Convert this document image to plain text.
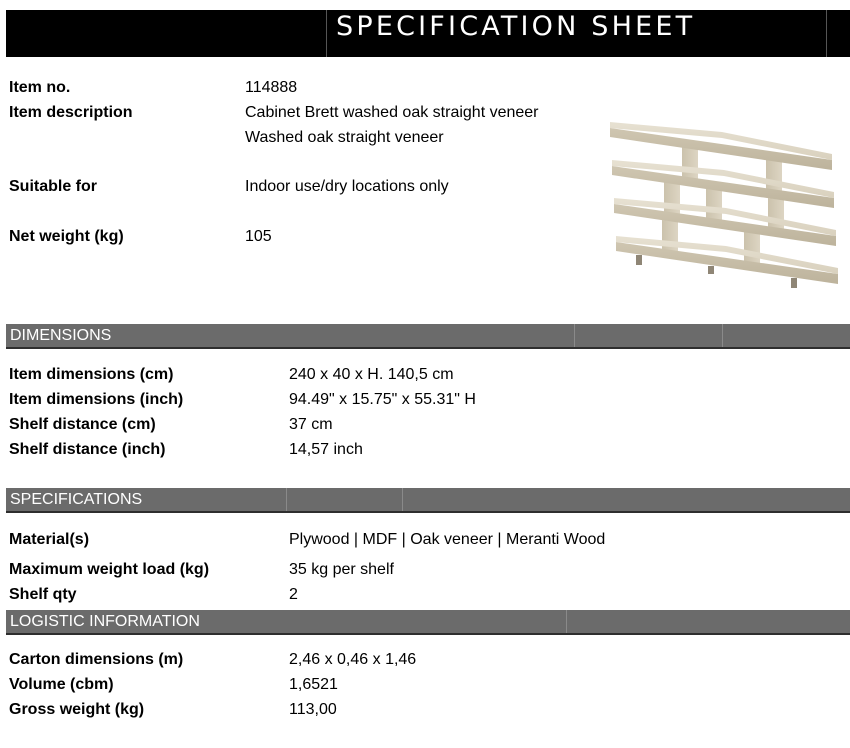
SPECIFICATION SHEET
Item no.	114888
Item description	Cabinet Brett washed oak straight veneer
Washed oak straight veneer
Suitable for	Indoor use/dry locations only
Net weight (kg)	105
DIMENSIONS
Item dimensions (cm)	240 x 40 x H. 140,5 cm
Item dimensions (inch)	94.49" x 15.75" x 55.31" H
Shelf distance (cm)	37 cm
Shelf distance (inch)	14,57 inch
SPECIFICATIONS
Material(s)	Plywood | MDF | Oak veneer | Meranti Wood
Maximum weight load (kg)	35 kg per shelf
Shelf qty	2
LOGISTIC INFORMATION
Carton dimensions (m)	2,46 x 0,46 x 1,46
Volume (cbm)	1,6521
Gross weight (kg)	113,00
